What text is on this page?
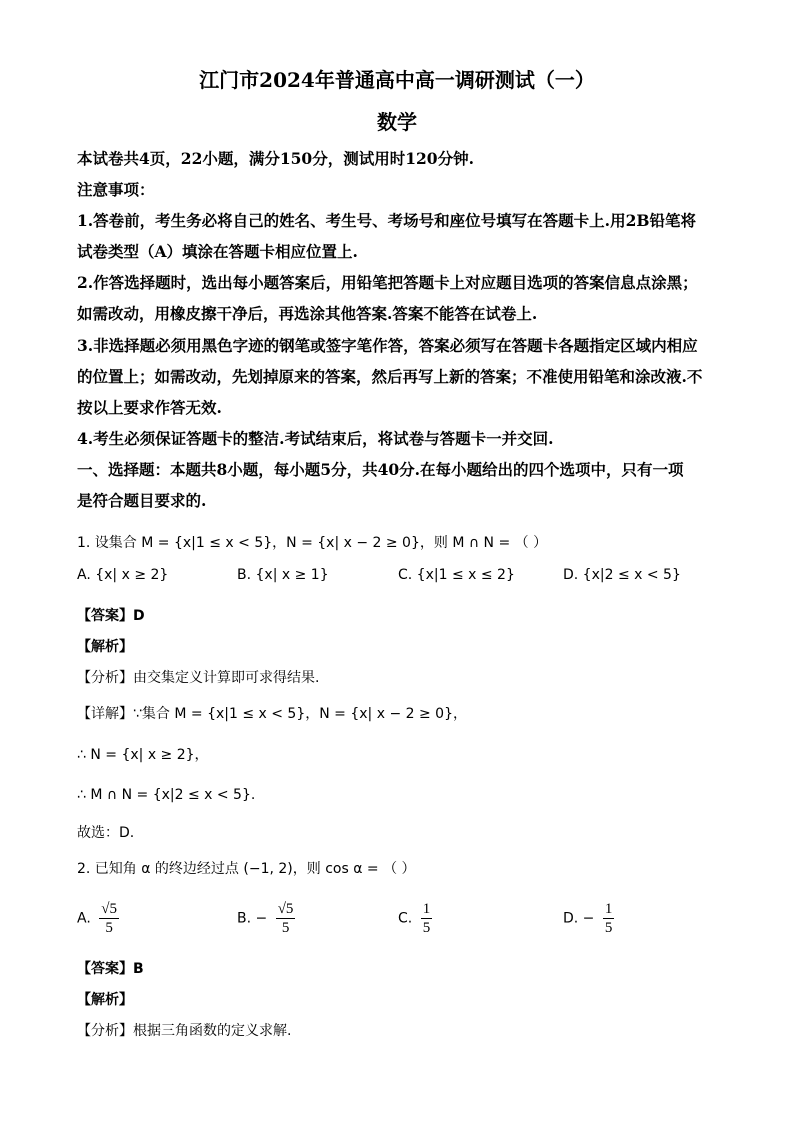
江门市2024年普通高中高一调研测试（一）
数学
本试卷共4页，22小题，满分150分，测试用时120分钟.
注意事项：
1.答卷前，考生务必将自己的姓名、考生号、考场号和座位号填写在答题卡上.用2B铅笔将
试卷类型（A）填涂在答题卡相应位置上.
2.作答选择题时，选出每小题答案后，用铅笔把答题卡上对应题目选项的答案信息点涂黑；
如需改动，用橡皮擦干净后，再选涂其他答案.答案不能答在试卷上.
3.非选择题必须用黑色字迹的钢笔或签字笔作答，答案必须写在答题卡各题指定区域内相应
的位置上；如需改动，先划掉原来的答案，然后再写上新的答案；不准使用铅笔和涂改液.不
按以上要求作答无效.
4.考生必须保证答题卡的整洁.考试结束后，将试卷与答题卡一并交回.
一、选择题：本题共8小题，每小题5分，共40分.在每小题给出的四个选项中，只有一项
是符合题目要求的.
1. 设集合 M = {x|1 ≤ x < 5}，N = {x| x − 2 ≥ 0}，则 M ∩ N = （ ）
A. {x| x ≥ 2}	B. {x| x ≥ 1}	C. {x|1 ≤ x ≤ 2}	D. {x|2 ≤ x < 5}
【答案】D
【解析】
【分析】由交集定义计算即可求得结果.
【详解】∵集合 M = {x|1 ≤ x < 5}，N = {x| x − 2 ≥ 0}，
∴ N = {x| x ≥ 2}，
∴ M ∩ N = {x|2 ≤ x < 5}.
故选：D.
2. 已知角 α 的终边经过点 (−1, 2)，则 cos α = （ ）
A. $\frac{√5}{5}$	B. − $\frac{√5}{5}$	C. $\frac{1}{5}$	D. − $\frac{1}{5}$
【答案】B
【解析】
【分析】根据三角函数的定义求解.
